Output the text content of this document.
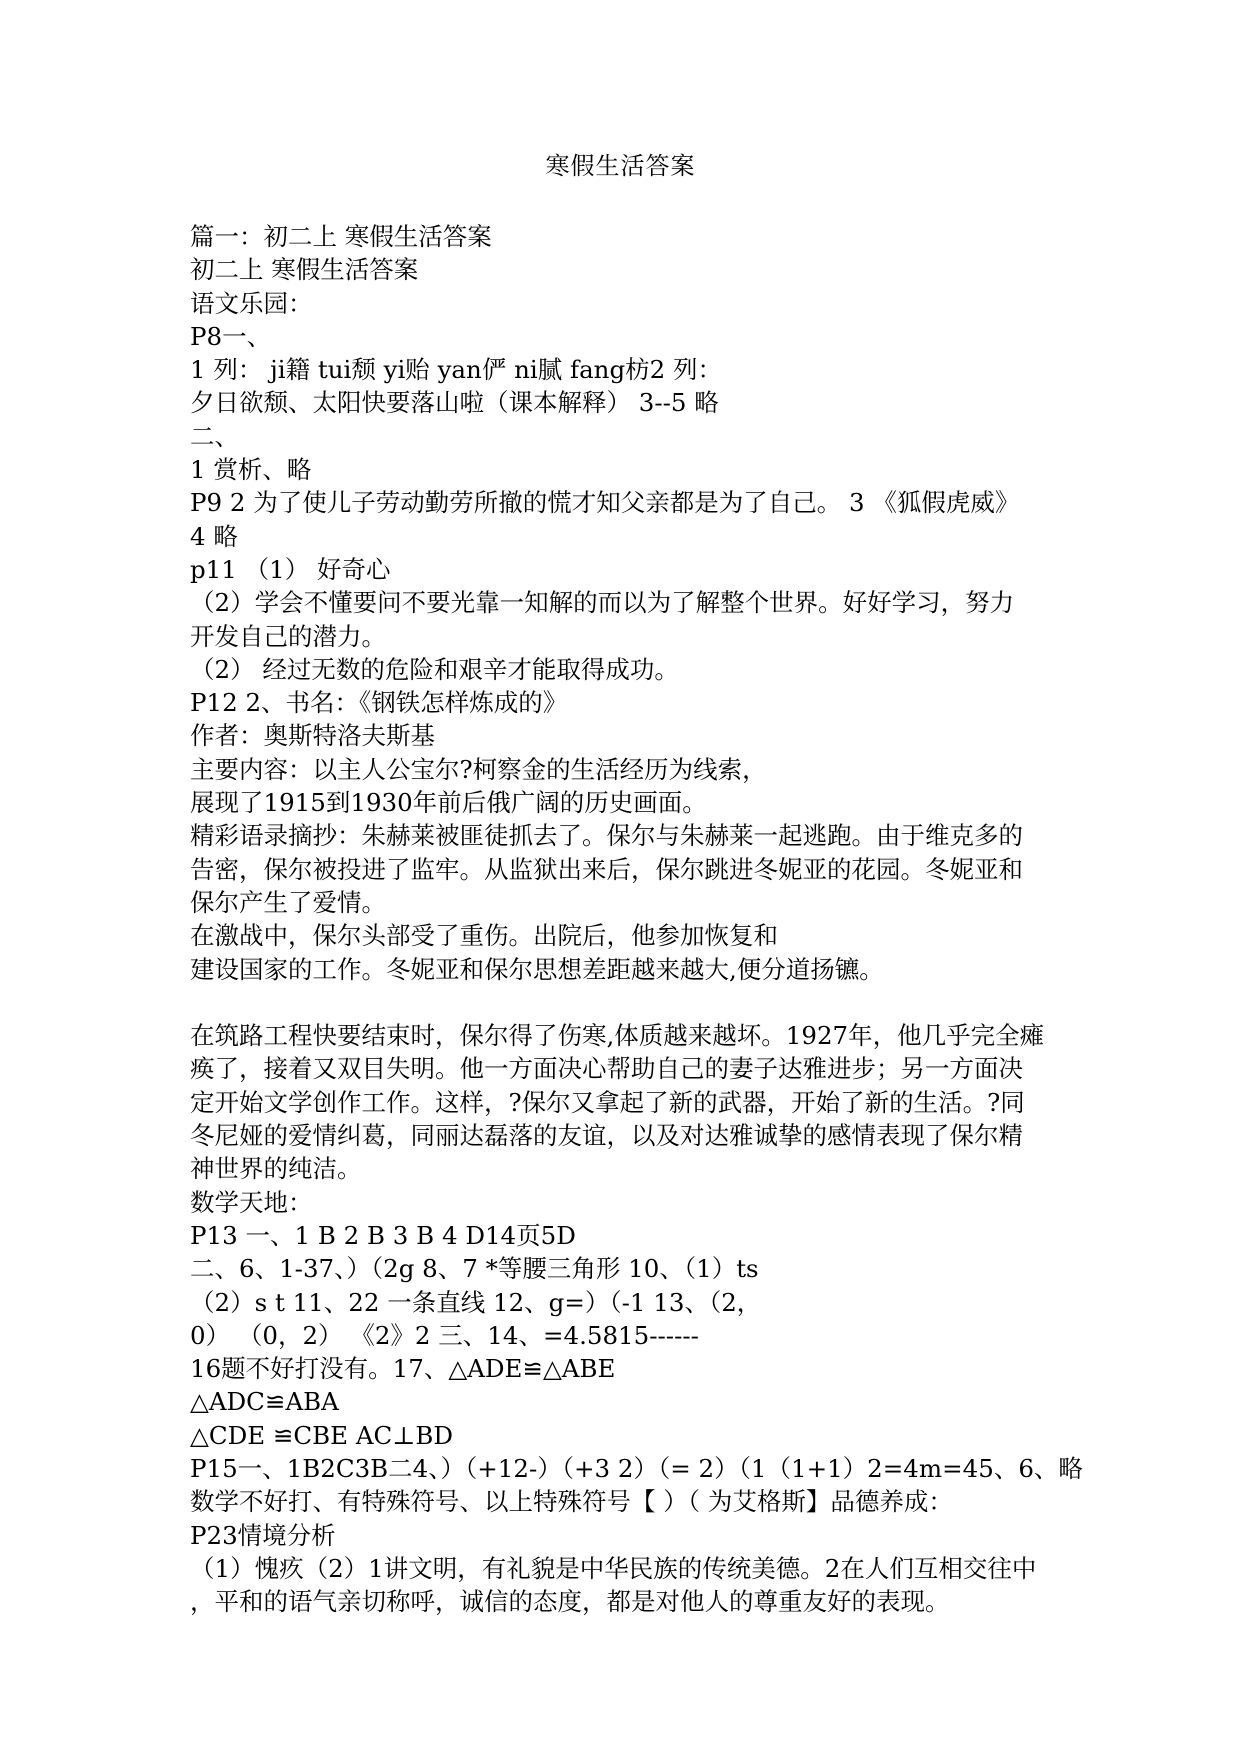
寒假生活答案
篇一：初二上 寒假生活答案
初二上 寒假生活答案
语文乐园：
P8一、
1 列： ji籍 tui颓 yi贻 yan俨 ni腻 fang枋2 列：
夕日欲颓、太阳快要落山啦（课本解释） 3--5 略
二、
1 赏析、略
P9 2 为了使儿子劳动勤劳所撤的慌才知父亲都是为了自己。 3 《狐假虎威》
4 略
p11 （1） 好奇心
（2）学会不懂要问不要光靠一知解的而以为了解整个世界。好好学习，努力
开发自己的潜力。
（2） 经过无数的危险和艰辛才能取得成功。
P12 2、书名：《钢铁怎样炼成的》
作者：奥斯特洛夫斯基
主要内容：以主人公宝尔?柯察金的生活经历为线索，
展现了1915到1930年前后俄广阔的历史画面。
精彩语录摘抄：朱赫莱被匪徒抓去了。保尔与朱赫莱一起逃跑。由于维克多的
告密，保尔被投进了监牢。从监狱出来后，保尔跳进冬妮亚的花园。冬妮亚和
保尔产生了爱情。
在激战中，保尔头部受了重伤。出院后，他参加恢复和
建设国家的工作。冬妮亚和保尔思想差距越来越大,便分道扬镳。
在筑路工程快要结束时，保尔得了伤寒,体质越来越坏。1927年，他几乎完全瘫
痪了，接着又双目失明。他一方面决心帮助自己的妻子达雅进步；另一方面决
定开始文学创作工作。这样，?保尔又拿起了新的武器，开始了新的生活。?同
冬尼娅的爱情纠葛，同丽达磊落的友谊，以及对达雅诚挚的感情表现了保尔精
神世界的纯洁。
数学天地：
P13 一、1 B 2 B 3 B 4 D14页5D
二、6、1-37、）（2g 8、7 *等腰三角形 10、（1）ts
（2）s t 11、22 一条直线 12、g=）（-1 13、（2，
0） （0，2） 《2》2 三、14、=4.5815------
16题不好打没有。17、△ADE≌△ABE
△ADC≌ABA
△CDE ≌CBE AC⊥BD
P15一、1B2C3B二4、）（+12-）（+3 2）（= 2）（1（1+1）2=4m=45、6、略
数学不好打、有特殊符号、以上特殊符号【 ）（ 为艾格斯】品德养成：
P23情境分析
（1）愧疚（2）1讲文明，有礼貌是中华民族的传统美德。2在人们互相交往中
，平和的语气亲切称呼，诚信的态度，都是对他人的尊重友好的表现。
